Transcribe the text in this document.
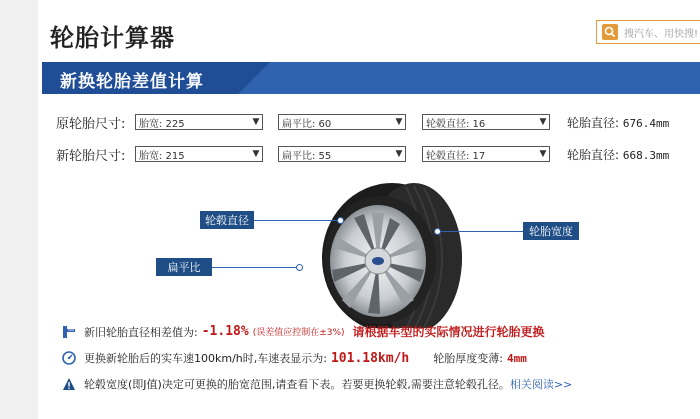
轮胎计算器	搜汽车、用快搜!
新换轮胎差值计算
原轮胎尺寸:	胎宽: 225	▼ 扁平比: 60	▼ 轮毂直径: 16	▼ 轮胎直径: 676.4mm
新轮胎尺寸:	胎宽: 215	▼ 扁平比: 55	▼ 轮毂直径: 17	▼ 轮胎直径: 668.3mm
轮毂直径
轮胎宽度
扁平比
新旧轮胎直径相差值为: -1.18% (误差值应控制在±3%) 请根据车型的实际情况进行轮胎更换
更换新轮胎后的实车速100km/h时,车速表显示为: 101.18km/h 轮胎厚度变薄: 4mm
轮毂宽度(即J值)决定可更换的胎宽范围,请查看下表。若要更换轮毂,需要注意轮毂孔径。 相关阅读>>
